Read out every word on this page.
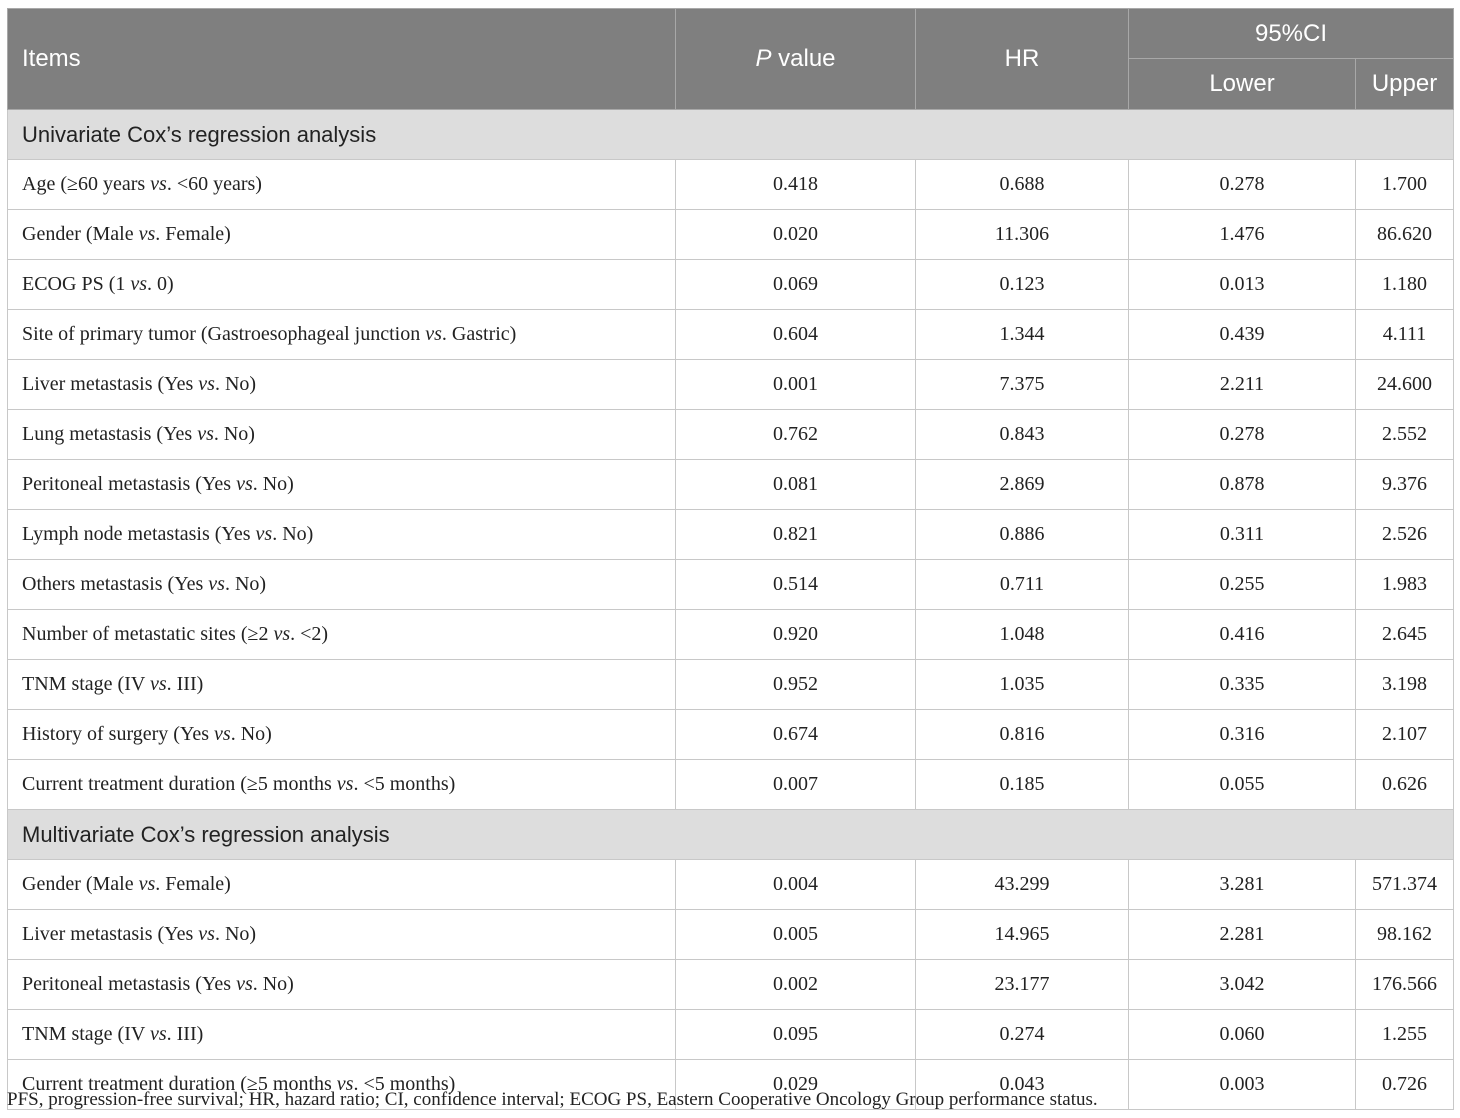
Items	P value	HR	95%CI	
			Lower	Upper
Univariate Cox’s regression analysis				
Age (≥60 years vs. <60 years)	0.418	0.688	0.278	1.700
Gender (Male vs. Female)	0.020	11.306	1.476	86.620
ECOG PS (1 vs. 0)	0.069	0.123	0.013	1.180
Site of primary tumor (Gastroesophageal junction vs. Gastric)	0.604	1.344	0.439	4.111
Liver metastasis (Yes vs. No)	0.001	7.375	2.211	24.600
Lung metastasis (Yes vs. No)	0.762	0.843	0.278	2.552
Peritoneal metastasis (Yes vs. No)	0.081	2.869	0.878	9.376
Lymph node metastasis (Yes vs. No)	0.821	0.886	0.311	2.526
Others metastasis (Yes vs. No)	0.514	0.711	0.255	1.983
Number of metastatic sites (≥2 vs. <2)	0.920	1.048	0.416	2.645
TNM stage (IV vs. III)	0.952	1.035	0.335	3.198
History of surgery (Yes vs. No)	0.674	0.816	0.316	2.107
Current treatment duration (≥5 months vs. <5 months)	0.007	0.185	0.055	0.626
Multivariate Cox’s regression analysis				
Gender (Male vs. Female)	0.004	43.299	3.281	571.374
Liver metastasis (Yes vs. No)	0.005	14.965	2.281	98.162
Peritoneal metastasis (Yes vs. No)	0.002	23.177	3.042	176.566
TNM stage (IV vs. III)	0.095	0.274	0.060	1.255
Current treatment duration (≥5 months vs. <5 months)	0.029	0.043	0.003	0.726
PFS, progression-free survival; HR, hazard ratio; CI, confidence interval; ECOG PS, Eastern Cooperative Oncology Group performance status.
